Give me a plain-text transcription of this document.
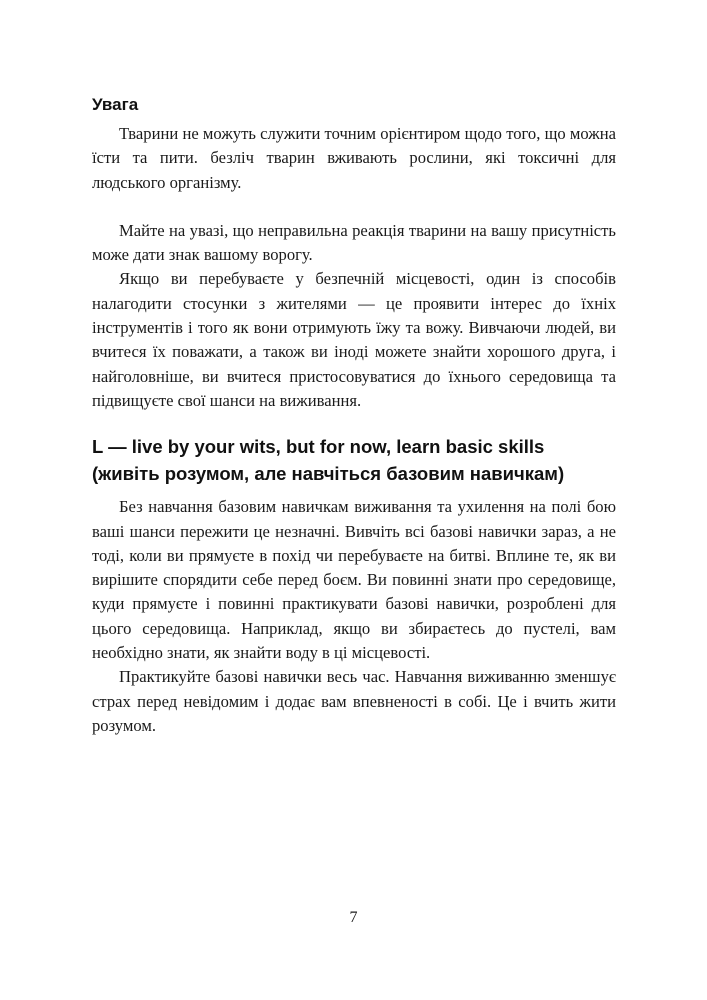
Увага

Тварини не можуть служити точним орієнтиром щодо того, що можна їсти та пити. безліч тварин вживають рослини, які токсичні для людського організму.

Майте на увазі, що неправильна реакція тварини на вашу присутність може дати знак вашому ворогу.

Якщо ви перебуваєте у безпечній місцевості, один із способів налагодити стосунки з жителями — це проявити інтерес до їхніх інструментів і того як вони отримують їжу та вожу. Вивчаючи людей, ви вчитеся їх поважати, а також ви іноді можете знайти хорошого друга, і найголовніше, ви вчитеся пристосовуватися до їхнього середовища та підвищуєте свої шанси на виживання.

L — live by your wits, but for now, learn basic skills (живіть розумом, але навчіться базовим навичкам)

Без навчання базовим навичкам виживання та ухилення на полі бою ваші шанси пережити це незначні. Вивчіть всі базові навички зараз, а не тоді, коли ви прямуєте в похід чи перебуваєте на битві. Вплине те, як ви вирішите спорядити себе перед боєм. Ви повинні знати про середовище, куди прямуєте і повинні практикувати базові навички, розроблені для цього середовища. Наприклад, якщо ви збираєтесь до пустелі, вам необхідно знати, як знайти воду в ці місцевості.

Практикуйте базові навички весь час. Навчання виживанню зменшує страх перед невідомим і додає вам впевненості в собі. Це і вчить жити розумом.

7
